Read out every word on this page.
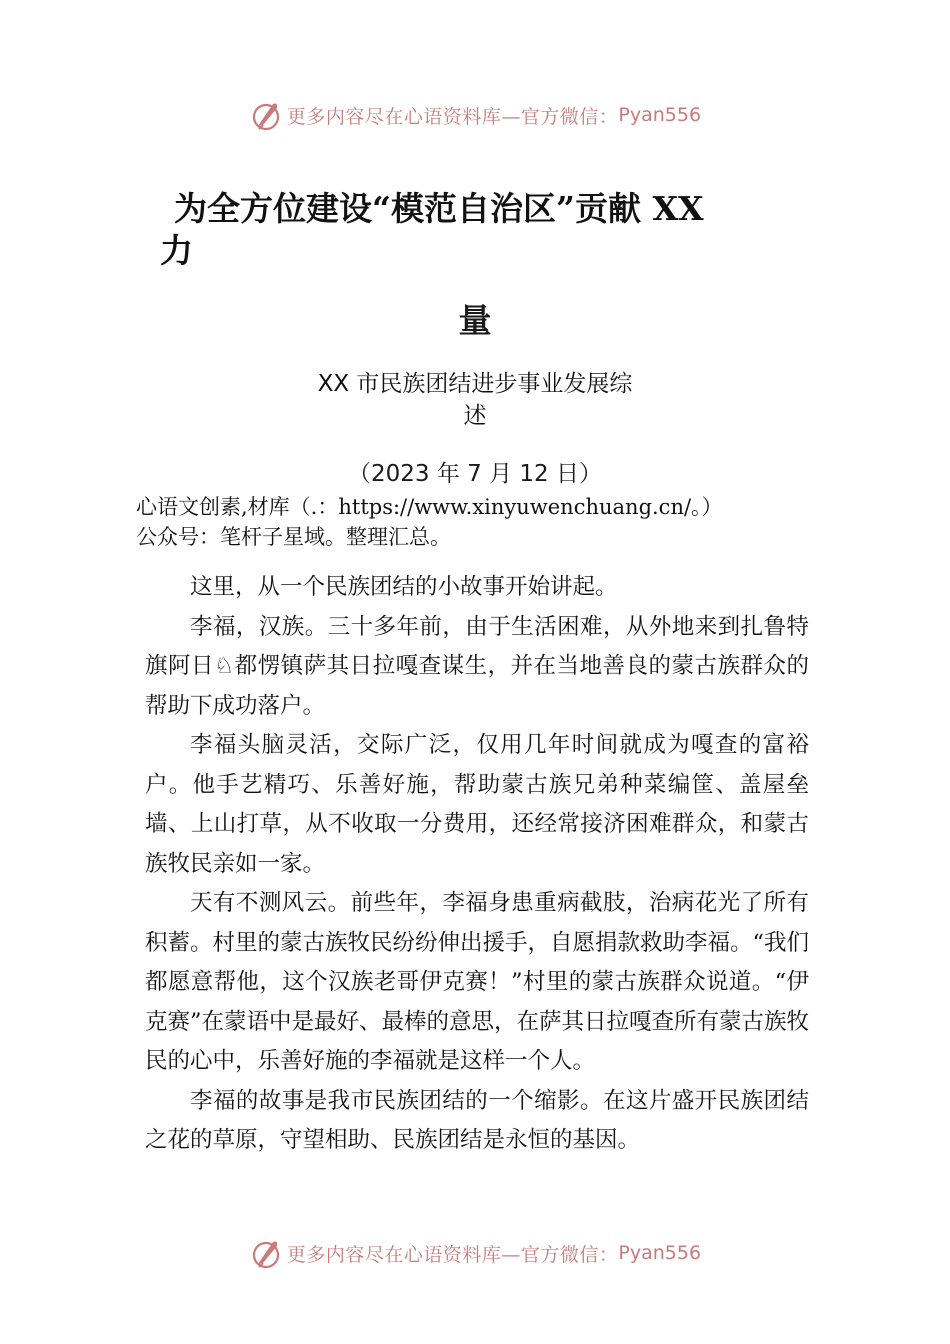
更多内容尽在心语资料库—官方微信： Pyan556
为全方位建设“模范自治区”贡献 XX
力
量
XX 市民族团结进步事业发展综
述
（2023 年 7 月 12 日）
心语文创素,材库（.：https://www.xinyuwenchuang.cn/。）
公众号：笔杆子星域。整理汇总。

这里，从一个民族团结的小故事开始讲起。

李福，汉族。三十多年前，由于生活困难，从外地来到扎鲁特旗阿日♘都愣镇萨其日拉嘎查谋生，并在当地善良的蒙古族群众的帮助下成功落户。

李福头脑灵活，交际广泛，仅用几年时间就成为嘎查的富裕户。他手艺精巧、乐善好施，帮助蒙古族兄弟种菜编筐、盖屋垒墙、上山打草，从不收取一分费用，还经常接济困难群众，和蒙古族牧民亲如一家。

天有不测风云。前些年，李福身患重病截肢，治病花光了所有积蓄。村里的蒙古族牧民纷纷伸出援手，自愿捐款救助李福。“我们都愿意帮他，这个汉族老哥伊克赛！”村里的蒙古族群众说道。“伊克赛”在蒙语中是最好、最棒的意思，在萨其日拉嘎查所有蒙古族牧民的心中，乐善好施的李福就是这样一个人。

李福的故事是我市民族团结的一个缩影。在这片盛开民族团结之花的草原，守望相助、民族团结是永恒的基因。

更多内容尽在心语资料库—官方微信： Pyan556
